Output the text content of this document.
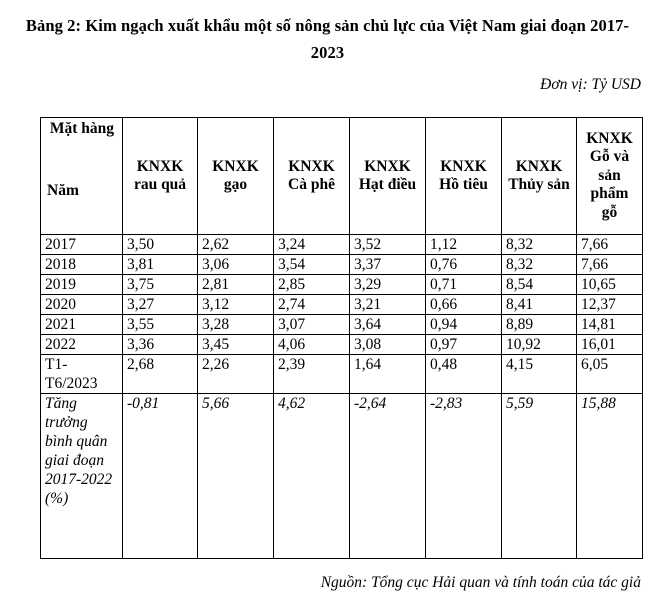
Bảng 2: Kim ngạch xuất khẩu một số nông sản chủ lực của Việt Nam giai đoạn 2017-2023
Đơn vị: Tỷ USD
Mặt hàng
Năm	KNXK rau quả	KNXK gạo	KNXK Cà phê	KNXK Hạt điều	KNXK Hồ tiêu	KNXK Thủy sản	KNXK Gỗ và sản phẩm gỗ
2017	3,50	2,62	3,24	3,52	1,12	8,32	7,66
2018	3,81	3,06	3,54	3,37	0,76	8,32	7,66
2019	3,75	2,81	2,85	3,29	0,71	8,54	10,65
2020	3,27	3,12	2,74	3,21	0,66	8,41	12,37
2021	3,55	3,28	3,07	3,64	0,94	8,89	14,81
2022	3,36	3,45	4,06	3,08	0,97	10,92	16,01
T1-T6/2023	2,68	2,26	2,39	1,64	0,48	4,15	6,05
Tăng trưởng bình quân giai đoạn 2017-2022 (%)	-0,81	5,66	4,62	-2,64	-2,83	5,59	15,88
Nguồn: Tổng cục Hải quan và tính toán của tác giả
